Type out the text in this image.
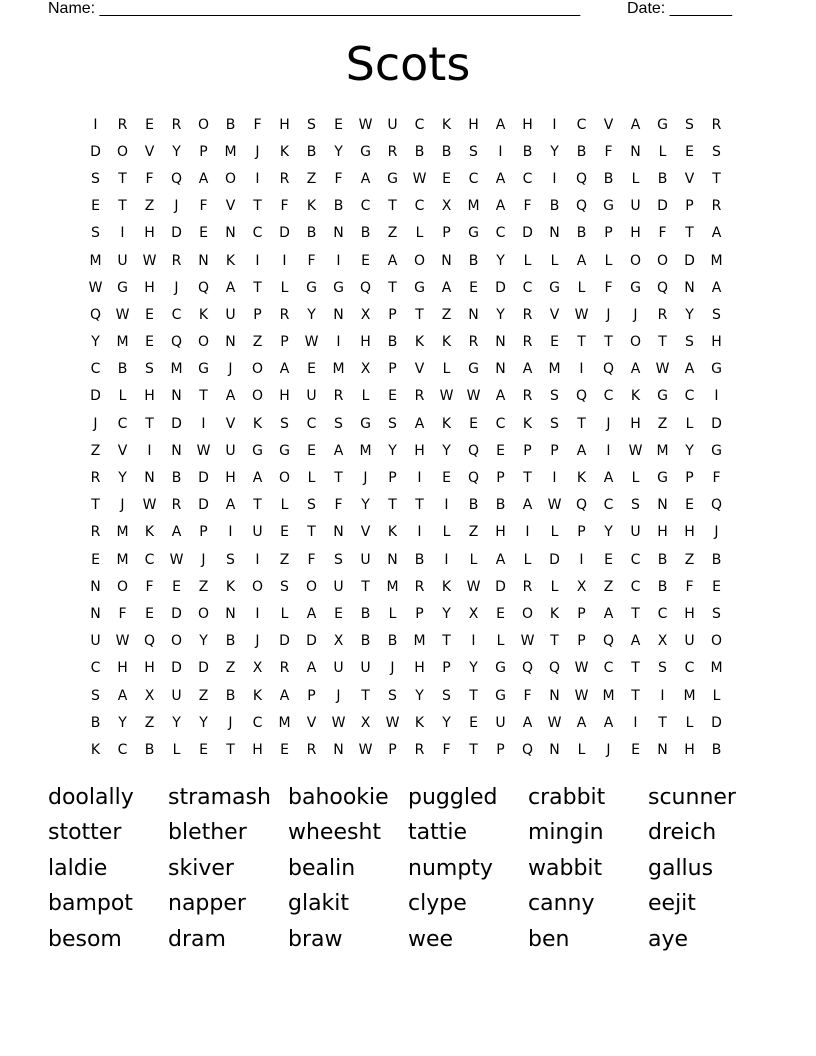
Name: ______________________________________________________	Date: _______
Scots
I	R	E	R	O	B	F	H	S	E	W	U	C	K	H	A	H	I	C	V	A	G	S	R
D	O	V	Y	P	M	J	K	B	Y	G	R	B	B	S	I	B	Y	B	F	N	L	E	S
S	T	F	Q	A	O	I	R	Z	F	A	G	W	E	C	A	C	I	Q	B	L	B	V	T
E	T	Z	J	F	V	T	F	K	B	C	T	C	X	M	A	F	B	Q	G	U	D	P	R
S	I	H	D	E	N	C	D	B	N	B	Z	L	P	G	C	D	N	B	P	H	F	T	A
M	U	W	R	N	K	I	I	F	I	E	A	O	N	B	Y	L	L	A	L	O	O	D	M
W	G	H	J	Q	A	T	L	G	G	Q	T	G	A	E	D	C	G	L	F	G	Q	N	A
Q	W	E	C	K	U	P	R	Y	N	X	P	T	Z	N	Y	R	V	W	J	J	R	Y	S
Y	M	E	Q	O	N	Z	P	W	I	H	B	K	K	R	N	R	E	T	T	O	T	S	H
C	B	S	M	G	J	O	A	E	M	X	P	V	L	G	N	A	M	I	Q	A	W	A	G
D	L	H	N	T	A	O	H	U	R	L	E	R	W W	A	R	S	Q	C	K	G	C	I
J	C	T	D	I	V	K	S	C	S	G	S	A	K	E	C	K	S	T	J	H	Z	L	D
Z	V	I	N	W	U	G	G	E	A	M	Y	H	Y	Q	E	P	P	A	I	W	M	Y	G
R	Y	N	B	D	H	A	O	L	T	J	P	I	E	Q	P	T	I	K	A	L	G	P	F
T	J	W	R	D	A	T	L	S	F	Y	T	T	I	B	B	A	W	Q	C	S	N	E	Q
R	M	K	A	P	I	U	E	T	N	V	K	I	L	Z	H	I	L	P	Y	U	H	H	J
E	M	C	W	J	S	I	Z	F	S	U	N	B	I	L	A	L	D	I	E	C	B	Z	B
N	O	F	E	Z	K	O	S	O	U	T	M	R	K	W	D	R	L	X	Z	C	B	F	E
N	F	E	D	O	N	I	L	A	E	B	L	P	Y	X	E	O	K	P	A	T	C	H	S
U	W	Q	O	Y	B	J	D	D	X	B	B	M	T	I	L	W	T	P	Q	A	X	U	O
C	H	H	D	D	Z	X	R	A	U	U	J	H	P	Y	G	Q	Q	W	C	T	S	C	M
S	A	X	U	Z	B	K	A	P	J	T	S	Y	S	T	G	F	N	W	M	T	I	M	L
B	Y	Z	Y	Y	J	C	M	V	W	X	W	K	Y	E	U	A	W	A	A	I	T	L	D
K	C	B	L	E	T	H	E	R	N	W	P	R	F	T	P	Q	N	L	J	E	N	H	B
doolally	stramash bahookie puggled	crabbit	scunner
stotter	blether	wheesht	tattie	mingin	dreich
laldie	skiver	bealin	numpty	wabbit	gallus
bampot	napper	glakit	clype	canny	eejit
besom	dram	braw	wee	ben	aye
